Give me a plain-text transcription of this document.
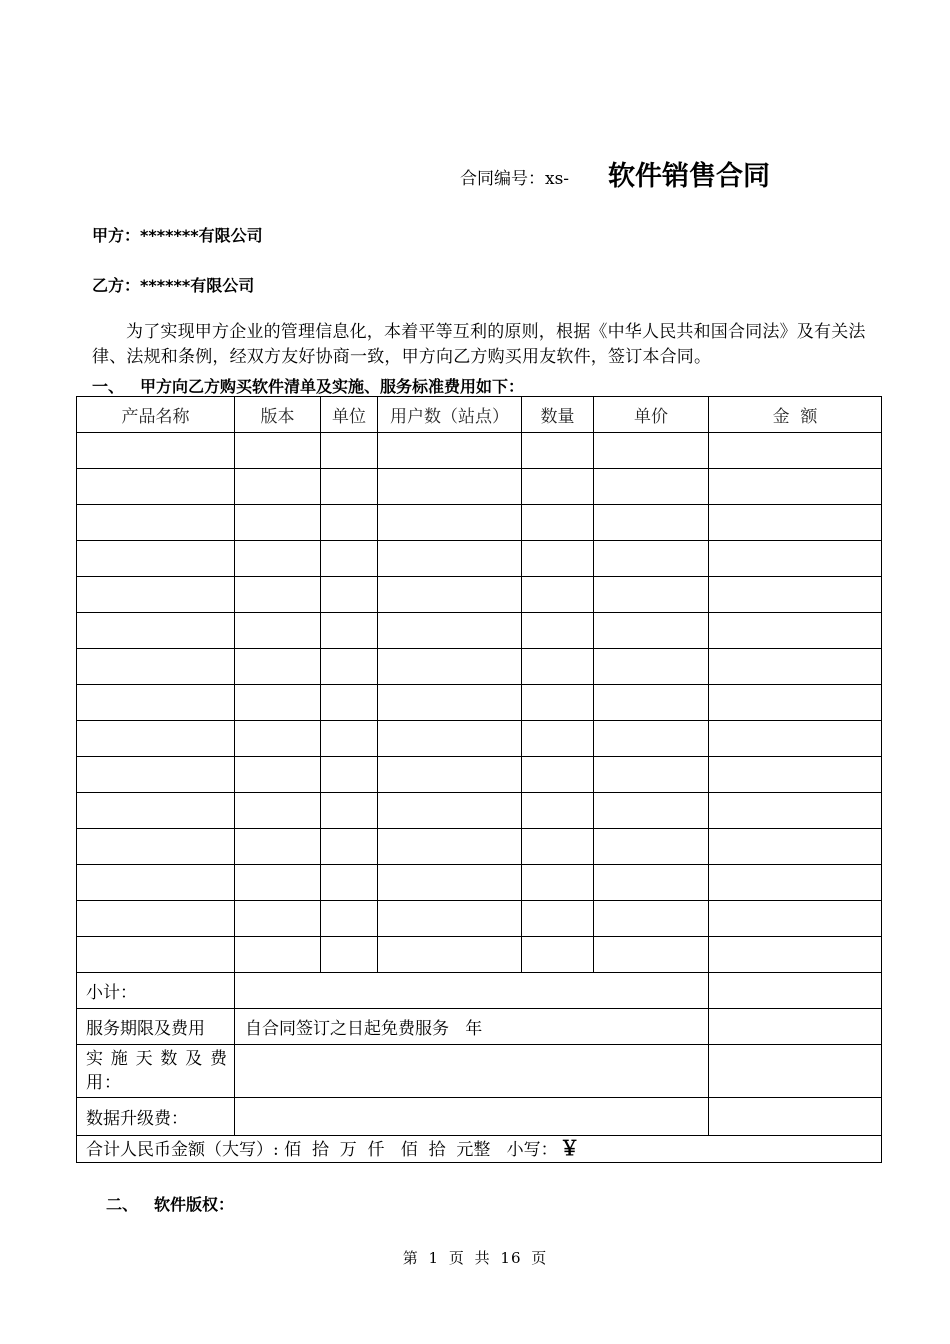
合同编号：xs- 软件销售合同
甲方：*******有限公司
乙方：******有限公司
为了实现甲方企业的管理信息化，本着平等互利的原则，根据《中华人民共和国合同法》及有关法律、法规和条例，经双方友好协商一致，甲方向乙方购买用友软件，签订本合同。
一、 甲方向乙方购买软件清单及实施、服务标准费用如下：
产品名称	版本	单位	用户数（站点）	数量	单价	金  额

小计：						
服务期限及费用	自合同签订之日起免费服务   年					

实施天数及费
用：						

数据升级费：						
合计人民币金额（大写）: 佰  拾  万  仟   佰  拾  元整   小写： ￥						
二、 软件版权：
第 1 页 共 16 页
